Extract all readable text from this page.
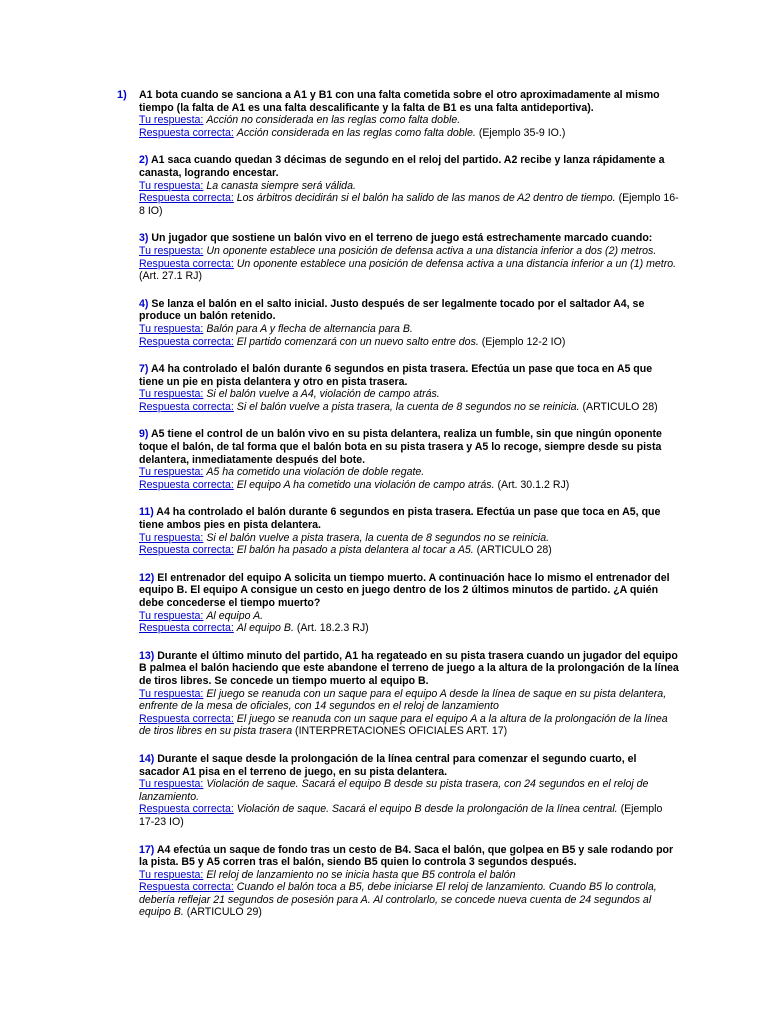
1) A1 bota cuando se sanciona a A1 y B1 con una falta cometida sobre el otro aproximadamente al mismo tiempo (la falta de A1 es una falta descalificante y la falta de B1 es una falta antideportiva).
Tu respuesta: Acción no considerada en las reglas como falta doble.
Respuesta correcta: Acción considerada en las reglas como falta doble. (Ejemplo 35-9 IO.)
2) A1 saca cuando quedan 3 décimas de segundo en el reloj del partido. A2 recibe y lanza rápidamente a canasta, logrando encestar.
Tu respuesta: La canasta siempre será válida.
Respuesta correcta: Los árbitros decidirán si el balón ha salido de las manos de A2 dentro de tiempo. (Ejemplo 16-8 IO)
3) Un jugador que sostiene un balón vivo en el terreno de juego está estrechamente marcado cuando:
Tu respuesta: Un oponente establece una posición de defensa activa a una distancia inferior a dos (2) metros.
Respuesta correcta: Un oponente establece una posición de defensa activa a una distancia inferior a un (1) metro. (Art. 27.1 RJ)
4) Se lanza el balón en el salto inicial. Justo después de ser legalmente tocado por el saltador A4, se produce un balón retenido.
Tu respuesta: Balón para A y flecha de alternancia para B.
Respuesta correcta: El partido comenzará con un nuevo salto entre dos. (Ejemplo 12-2 IO)
7) A4 ha controlado el balón durante 6 segundos en pista trasera. Efectúa un pase que toca en A5 que tiene un pie en pista delantera y otro en pista trasera.
Tu respuesta: Si el balón vuelve a A4, violación de campo atrás.
Respuesta correcta: Si el balón vuelve a pista trasera, la cuenta de 8 segundos no se reinicia. (ARTICULO 28)
9) A5 tiene el control de un balón vivo en su pista delantera, realiza un fumble, sin que ningún oponente toque el balón, de tal forma que el balón bota en su pista trasera y A5 lo recoge, siempre desde su pista delantera, inmediatamente después del bote.
Tu respuesta: A5 ha cometido una violación de doble regate.
Respuesta correcta: El equipo A ha cometido una violación de campo atrás. (Art. 30.1.2 RJ)
11) A4 ha controlado el balón durante 6 segundos en pista trasera. Efectúa un pase que toca en A5, que tiene ambos pies en pista delantera.
Tu respuesta: Si el balón vuelve a pista trasera, la cuenta de 8 segundos no se reinicia.
Respuesta correcta: El balón ha pasado a pista delantera al tocar a A5. (ARTICULO 28)
12) El entrenador del equipo A solicita un tiempo muerto. A continuación hace lo mismo el entrenador del equipo B. El equipo A consigue un cesto en juego dentro de los 2 últimos minutos de partido. ¿A quién debe concederse el tiempo muerto?
Tu respuesta: Al equipo A.
Respuesta correcta: Al equipo B. (Art. 18.2.3 RJ)
13) Durante el último minuto del partido, A1 ha regateado en su pista trasera cuando un jugador del equipo B palmea el balón haciendo que este abandone el terreno de juego a la altura de la prolongación de la línea de tiros libres. Se concede un tiempo muerto al equipo B.
Tu respuesta: El juego se reanuda con un saque para el equipo A desde la línea de saque en su pista delantera, enfrente de la mesa de oficiales, con 14 segundos en el reloj de lanzamiento
Respuesta correcta: El juego se reanuda con un saque para el equipo A a la altura de la prolongación de la línea de tiros libres en su pista trasera (INTERPRETACIONES OFICIALES ART. 17)
14) Durante el saque desde la prolongación de la línea central para comenzar el segundo cuarto, el sacador A1 pisa en el terreno de juego, en su pista delantera.
Tu respuesta: Violación de saque. Sacará el equipo B desde su pista trasera, con 24 segundos en el reloj de lanzamiento.
Respuesta correcta: Violación de saque. Sacará el equipo B desde la prolongación de la línea central. (Ejemplo 17-23 IO)
17) A4 efectúa un saque de fondo tras un cesto de B4. Saca el balón, que golpea en B5 y sale rodando por la pista. B5 y A5 corren tras el balón, siendo B5 quien lo controla 3 segundos después.
Tu respuesta: El reloj de lanzamiento no se inicia hasta que B5 controla el balón
Respuesta correcta: Cuando el balón toca a B5, debe iniciarse El reloj de lanzamiento. Cuando B5 lo controla, debería reflejar 21 segundos de posesión para A. Al controlarlo, se concede nueva cuenta de 24 segundos al equipo B. (ARTICULO 29)
